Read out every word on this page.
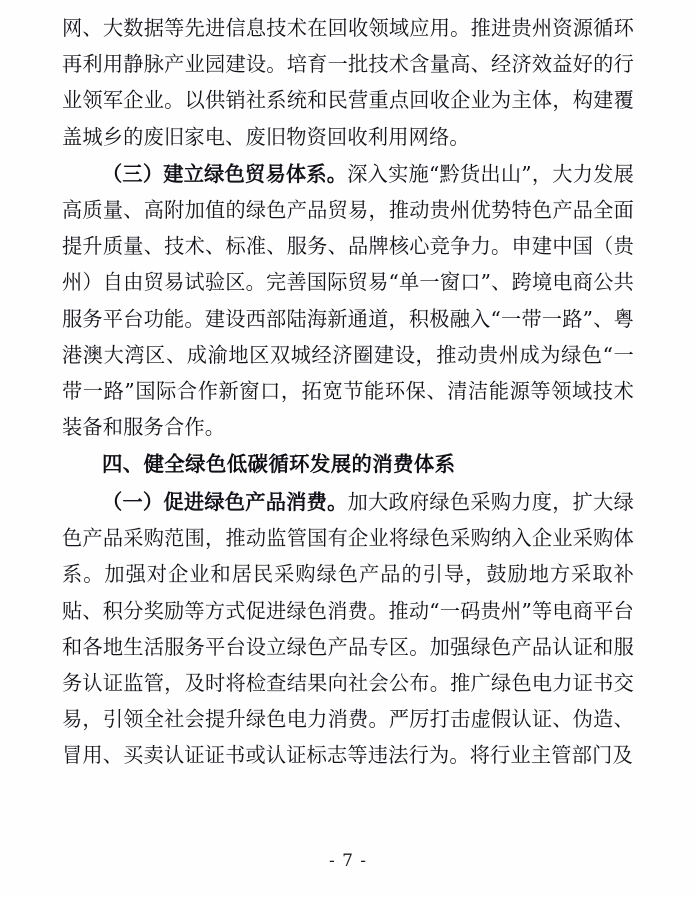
网、大数据等先进信息技术在回收领域应用。推进贵州资源循环再利用静脉产业园建设。培育一批技术含量高、经济效益好的行业领军企业。以供销社系统和民营重点回收企业为主体，构建覆盖城乡的废旧家电、废旧物资回收利用网络。

（三）建立绿色贸易体系。深入实施“黔货出山”，大力发展高质量、高附加值的绿色产品贸易，推动贵州优势特色产品全面提升质量、技术、标准、服务、品牌核心竞争力。申建中国（贵州）自由贸易试验区。完善国际贸易“单一窗口”、跨境电商公共服务平台功能。建设西部陆海新通道，积极融入“一带一路”、粤港澳大湾区、成渝地区双城经济圈建设，推动贵州成为绿色“一带一路”国际合作新窗口，拓宽节能环保、清洁能源等领域技术装备和服务合作。

四、健全绿色低碳循环发展的消费体系

（一）促进绿色产品消费。加大政府绿色采购力度，扩大绿色产品采购范围，推动监管国有企业将绿色采购纳入企业采购体系。加强对企业和居民采购绿色产品的引导，鼓励地方采取补贴、积分奖励等方式促进绿色消费。推动“一码贵州”等电商平台和各地生活服务平台设立绿色产品专区。加强绿色产品认证和服务认证监管，及时将检查结果向社会公布。推广绿色电力证书交易，引领全社会提升绿色电力消费。严厉打击虚假认证、伪造、冒用、买卖认证证书或认证标志等违法行为。将行业主管部门及

- 7 -
